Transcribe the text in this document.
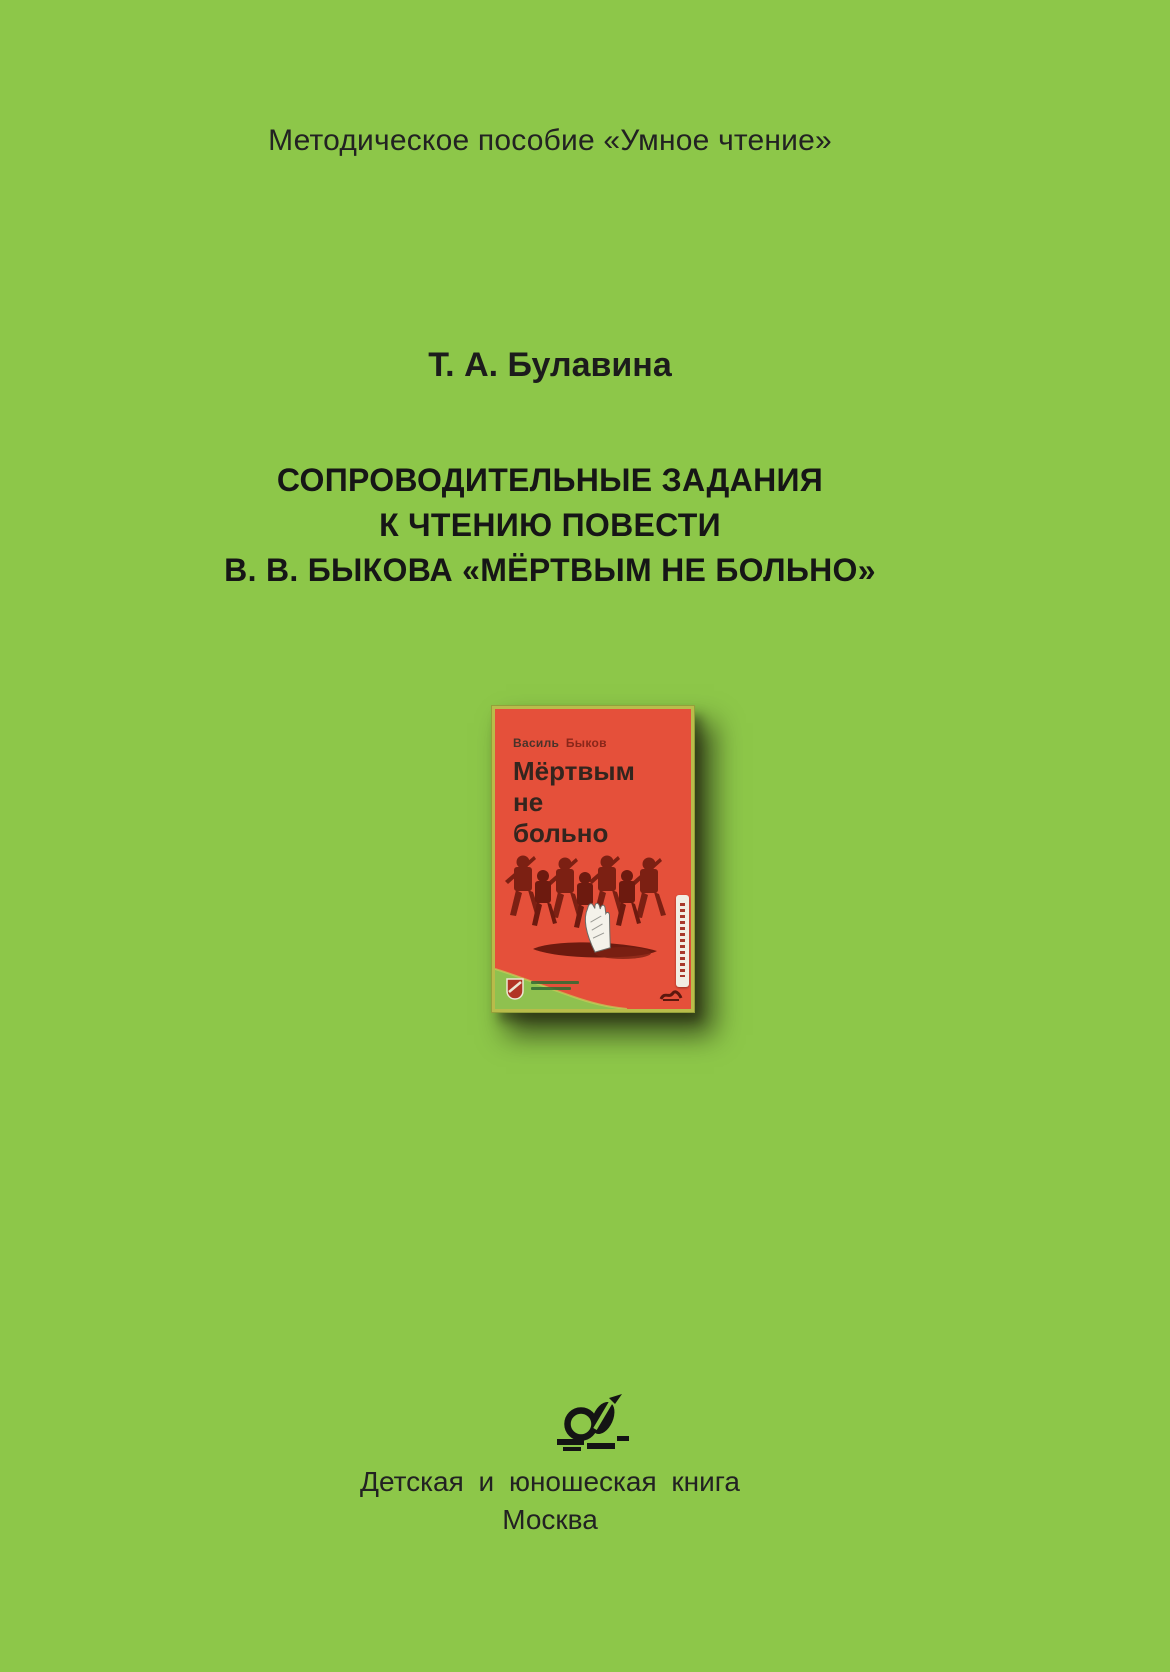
Методическое пособие «Умное чтение»
Т. А. Булавина
СОПРОВОДИТЕЛЬНЫЕ ЗАДАНИЯ
К ЧТЕНИЮ ПОВЕСТИ
В. В. БЫКОВА «МЁРТВЫМ НЕ БОЛЬНО»
Василь Быков
Мёртвым
не
больно
Детская и юношеская книга
Москва
